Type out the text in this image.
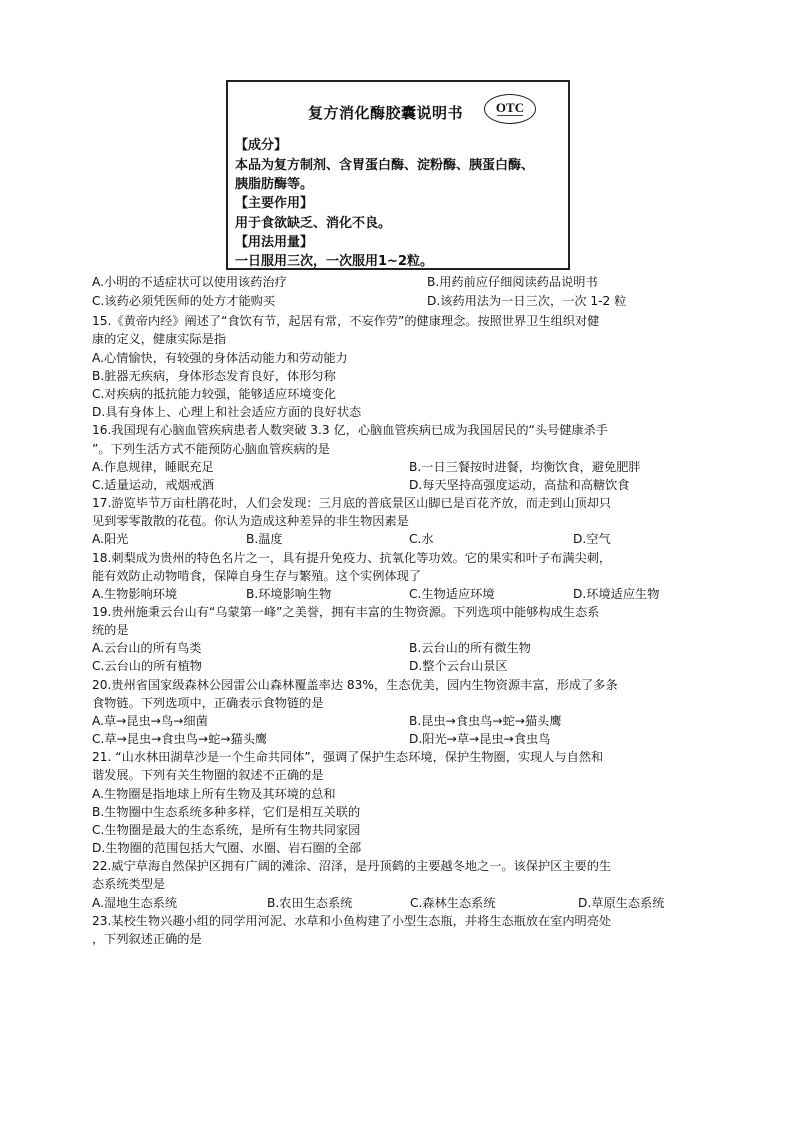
复方消化酶胶囊说明书	OTC
【成分】
本品为复方制剂、含胃蛋白酶、淀粉酶、胰蛋白酶、
胰脂肪酶等。
【主要作用】
用于食欲缺乏、消化不良。
【用法用量】
一日服用三次，一次服用1~2粒。
A.小明的不适症状可以使用该药治疗	B.用药前应仔细阅读药品说明书
C.该药必须凭医师的处方才能购买	D.该药用法为一日三次，一次 1-2 粒
15.《黄帝内经》阐述了“食饮有节，起居有常，不妄作劳”的健康理念。按照世界卫生组织对健
康的定义，健康实际是指
A.心情愉快，有较强的身体活动能力和劳动能力
B.脏器无疾病，身体形态发育良好，体形匀称
C.对疾病的抵抗能力较强，能够适应环境变化
D.具有身体上、心理上和社会适应方面的良好状态
16.我国现有心脑血管疾病患者人数突破 3.3 亿，心脑血管疾病已成为我国居民的“头号健康杀手
”。下列生活方式不能预防心脑血管疾病的是
A.作息规律，睡眠充足	B.一日三餐按时进餐，均衡饮食，避免肥胖
C.适量运动，戒烟戒酒	D.每天坚持高强度运动，高盐和高糖饮食
17.游览毕节万亩杜鹃花时，人们会发现：三月底的普底景区山脚已是百花齐放，而走到山顶却只
见到零零散散的花苞。你认为造成这种差异的非生物因素是
A.阳光	B.温度	C.水	D.空气
18.刺梨成为贵州的特色名片之一，具有提升免疫力、抗氧化等功效。它的果实和叶子布满尖刺，
能有效防止动物啃食，保障自身生存与繁殖。这个实例体现了
A.生物影响环境	B.环境影响生物	C.生物适应环境	D.环境适应生物
19.贵州施秉云台山有“乌蒙第一峰”之美誉，拥有丰富的生物资源。下列选项中能够构成生态系
统的是
A.云台山的所有鸟类	B.云台山的所有微生物
C.云台山的所有植物	D.整个云台山景区
20.贵州省国家级森林公园雷公山森林覆盖率达 83%，生态优美，园内生物资源丰富，形成了多条
食物链。下列选项中，正确表示食物链的是
A.草→昆虫→鸟→细菌	B.昆虫→食虫鸟→蛇→猫头鹰
C.草→昆虫→食虫鸟→蛇→猫头鹰	D.阳光→草→昆虫→食虫鸟
21. “山水林田湖草沙是一个生命共同体”，强调了保护生态环境，保护生物圈，实现人与自然和
谐发展。下列有关生物圈的叙述不正确的是
A.生物圈是指地球上所有生物及其环境的总和
B.生物圈中生态系统多种多样，它们是相互关联的
C.生物圈是最大的生态系统，是所有生物共同家园
D.生物圈的范围包括大气圈、水圈、岩石圈的全部
22.威宁草海自然保护区拥有广阔的滩涂、沼泽，是丹顶鹤的主要越冬地之一。该保护区主要的生
态系统类型是
A.湿地生态系统	B.农田生态系统	C.森林生态系统	D.草原生态系统
23.某校生物兴趣小组的同学用河泥、水草和小鱼构建了小型生态瓶，并将生态瓶放在室内明亮处
，下列叙述正确的是
